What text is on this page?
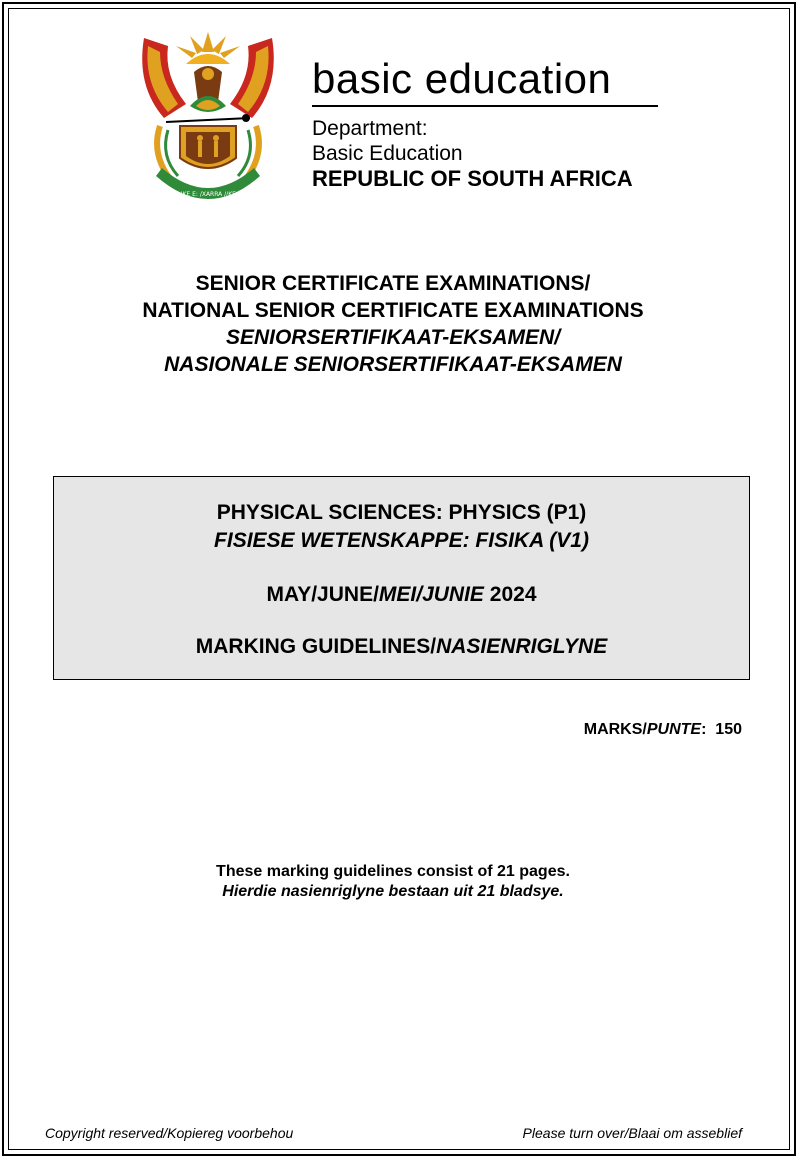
!KE E: /XARRA //KE
basic education
Department:
Basic Education
REPUBLIC OF SOUTH AFRICA
SENIOR CERTIFICATE EXAMINATIONS/
NATIONAL SENIOR CERTIFICATE EXAMINATIONS
SENIORSERTIFIKAAT-EKSAMEN/
NASIONALE SENIORSERTIFIKAAT-EKSAMEN
PHYSICAL SCIENCES: PHYSICS (P1)
FISIESE WETENSKAPPE: FISIKA (V1)
MAY/JUNE/MEI/JUNIE 2024
MARKING GUIDELINES/NASIENRIGLYNE
MARKS/PUNTE:  150
These marking guidelines consist of 21 pages.
Hierdie nasienriglyne bestaan uit 21 bladsye.
Copyright reserved/Kopiereg voorbehou	Please turn over/Blaai om asseblief
